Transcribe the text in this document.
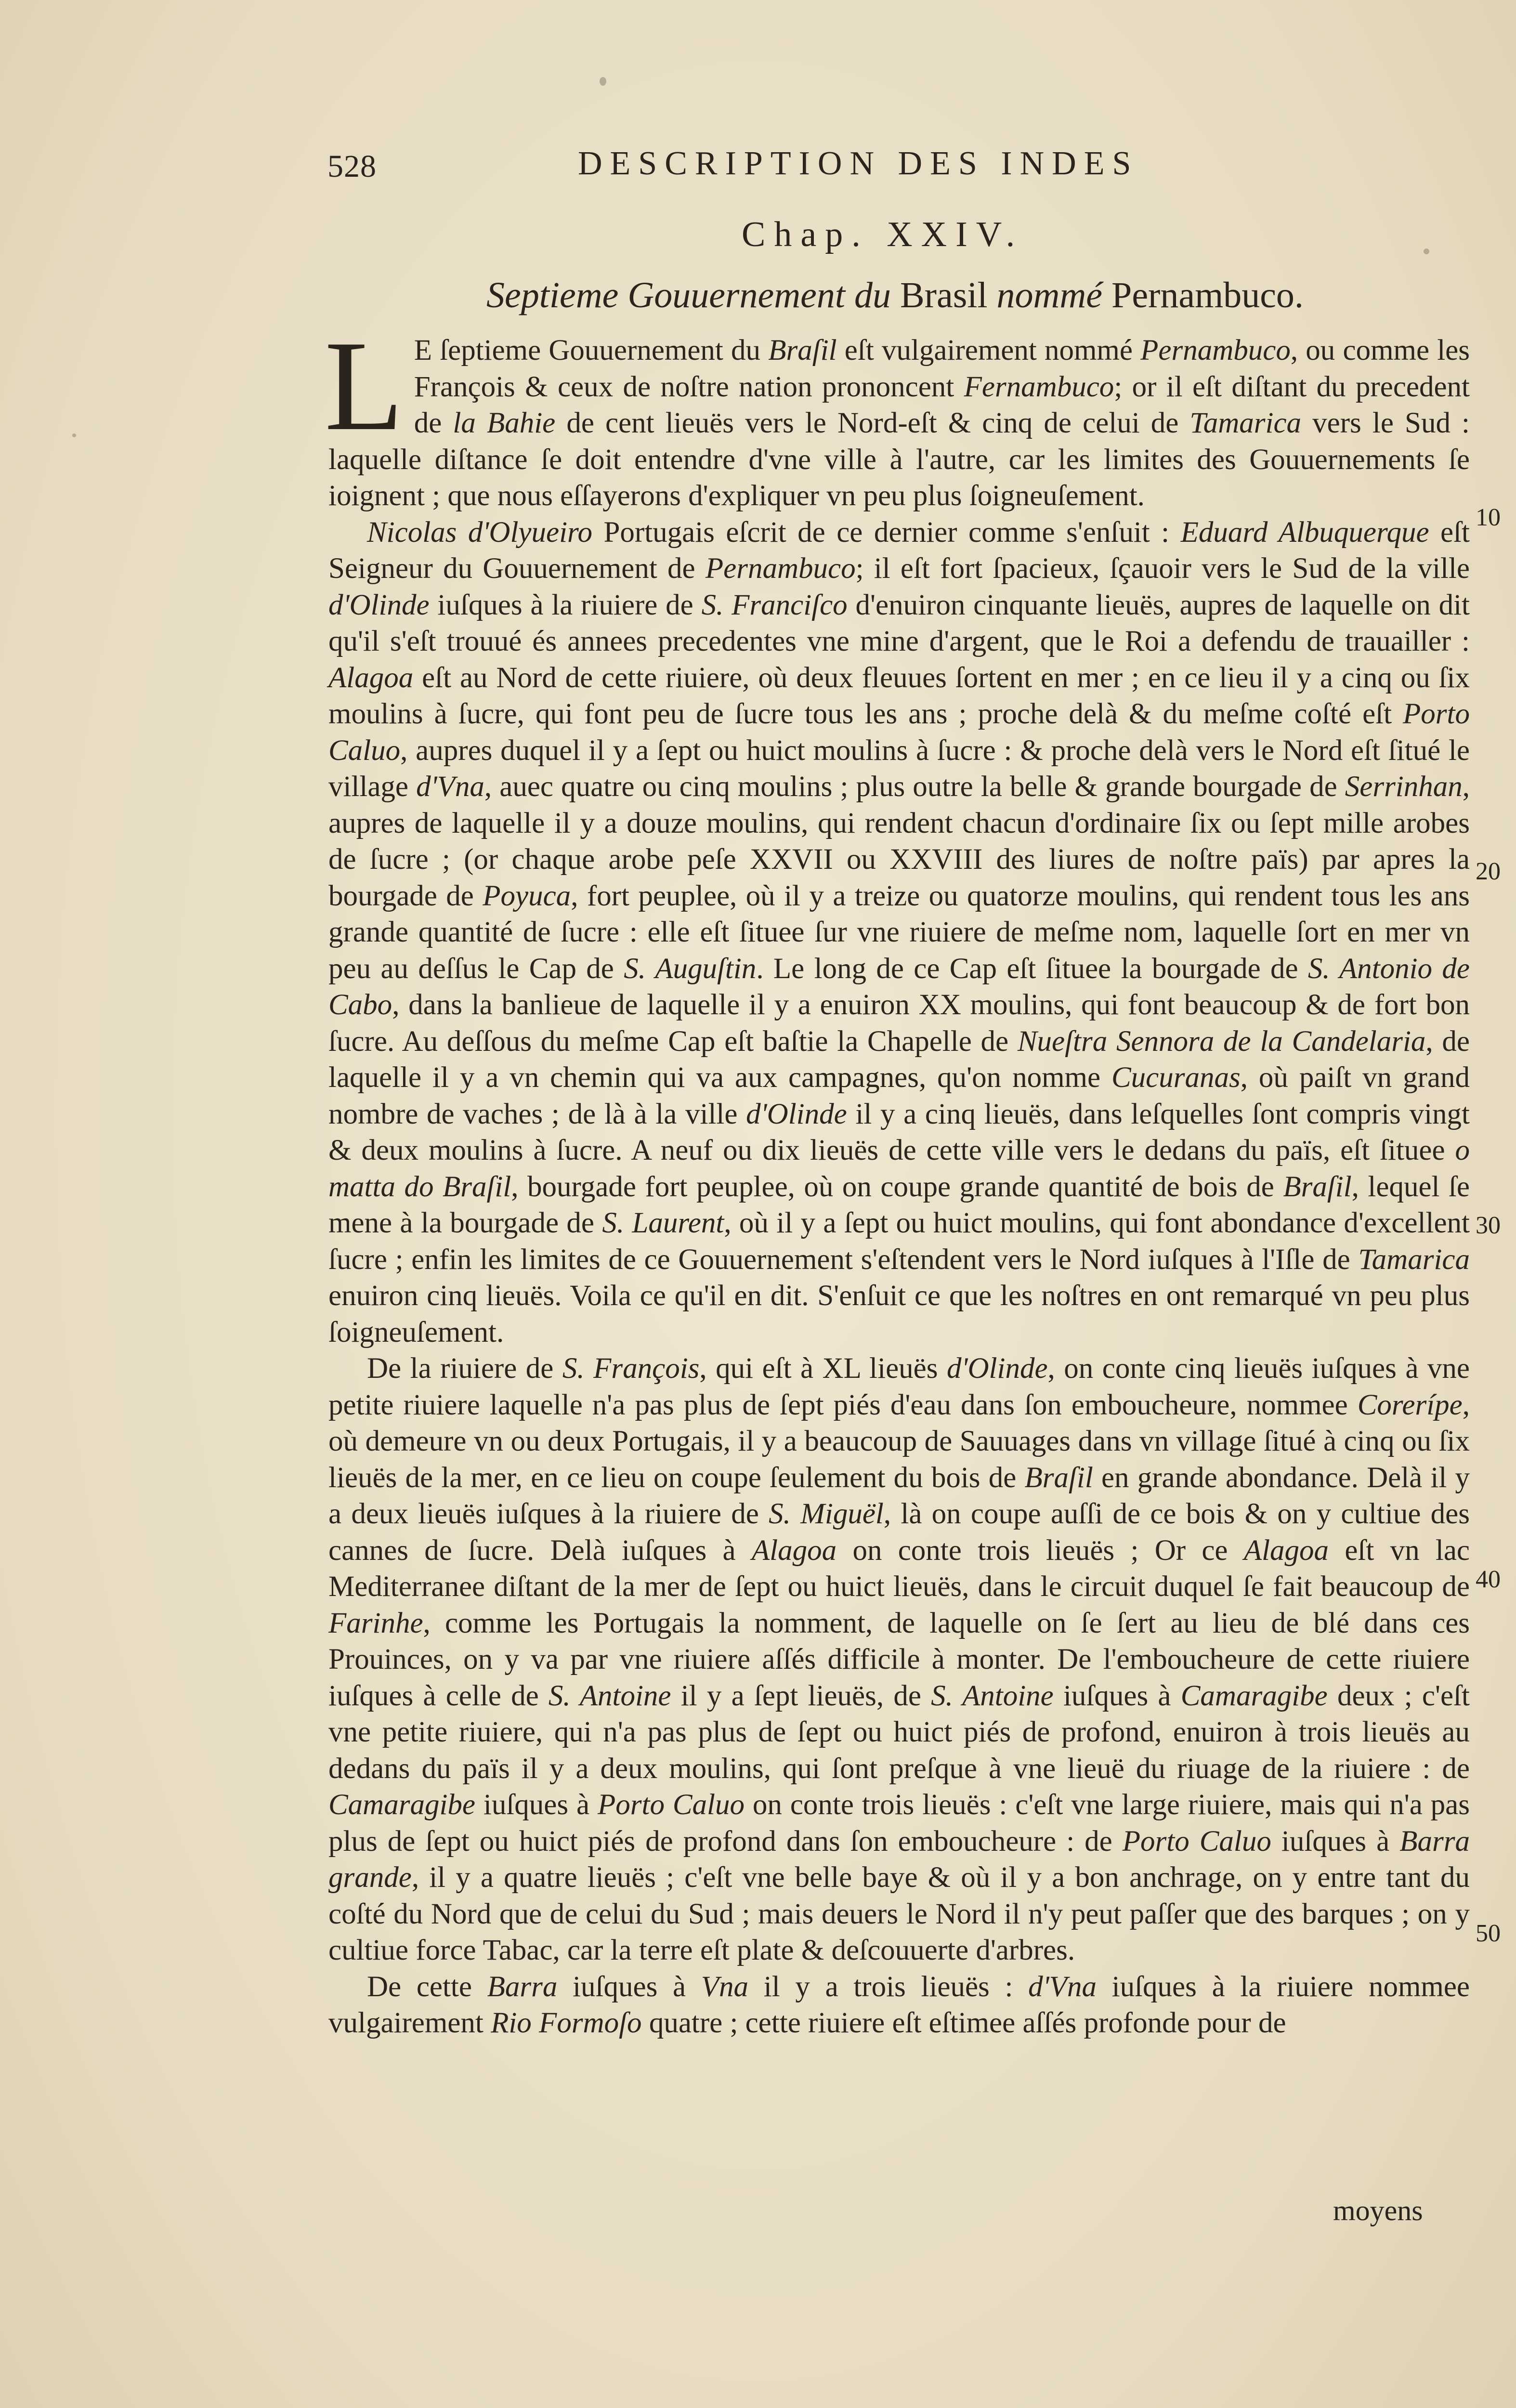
528	DESCRIPTION DES INDES
Chap. XXIV.
Septieme Gouuernement du Brasil nommé Pernambuco.

L E ſeptieme Gouuernement du Braſil eſt vulgairement nommé Pernambuco, ou comme les François & ceux de noſtre nation prononcent Fernambuco; or il eſt diſtant du precedent de la Bahie de cent lieuës vers le Nord-eſt & cinq de celui de Tamarica vers le Sud : laquelle diſtance ſe doit entendre d'vne ville à l'autre, car les limites des Gouuernements ſe ioignent ; que nous eſſayerons d'expliquer vn peu plus ſoigneuſement.

Nicolas d'Olyueiro Portugais eſcrit de ce dernier comme s'enſuit : Eduard Albuquerque eſt Seigneur du Gouuernement de Pernambuco; il eſt fort ſpacieux, ſçauoir vers le Sud de la ville d'Olinde iuſques à la riuiere de S. Franciſco d'enuiron cinquante lieuës, aupres de laquelle on dit qu'il s'eſt trouué és annees precedentes vne mine d'argent, que le Roi a defendu de trauailler : Alagoa eſt au Nord de cette riuiere, où deux fleuues ſortent en mer ; en ce lieu il y a cinq ou ſix moulins à ſucre, qui font peu de ſucre tous les ans ; proche delà & du meſme coſté eſt Porto Caluo, aupres duquel il y a ſept ou huict moulins à ſucre : & proche delà vers le Nord eſt ſitué le village d'Vna, auec quatre ou cinq moulins ; plus outre la belle & grande bourgade de Serrinhan, aupres de laquelle il y a douze moulins, qui rendent chacun d'ordinaire ſix ou ſept mille arobes de ſucre ; (or chaque arobe peſe XXVII ou XXVIII des liures de noſtre païs) par apres la bourgade de Poyuca, fort peuplee, où il y a treize ou quatorze moulins, qui rendent tous les ans grande quantité de ſucre : elle eſt ſituee ſur vne riuiere de meſme nom, laquelle ſort en mer vn peu au deſſus le Cap de S. Auguſtin. Le long de ce Cap eſt ſituee la bourgade de S. Antonio de Cabo, dans la banlieue de laquelle il y a enuiron XX moulins, qui font beaucoup & de fort bon ſucre. Au deſſous du meſme Cap eſt baſtie la Chapelle de Nueſtra Sennora de la Candelaria, de laquelle il y a vn chemin qui va aux campagnes, qu'on nomme Cucuranas, où paiſt vn grand nombre de vaches ; de là à la ville d'Olinde il y a cinq lieuës, dans leſquelles ſont compris vingt & deux moulins à ſucre. A neuf ou dix lieuës de cette ville vers le dedans du païs, eſt ſituee o matta do Braſil, bourgade fort peuplee, où on coupe grande quantité de bois de Braſil, lequel ſe mene à la bourgade de S. Laurent, où il y a ſept ou huict moulins, qui font abondance d'excellent ſucre ; enfin les limites de ce Gouuernement s'eſtendent vers le Nord iuſques à l'Iſle de Tamarica enuiron cinq lieuës. Voila ce qu'il en dit. S'enſuit ce que les noſtres en ont remarqué vn peu plus ſoigneuſement.

De la riuiere de S. François, qui eſt à XL lieuës d'Olinde, on conte cinq lieuës iuſques à vne petite riuiere laquelle n'a pas plus de ſept piés d'eau dans ſon emboucheure, nommee Corerípe, où demeure vn ou deux Portugais, il y a beaucoup de Sauuages dans vn village ſitué à cinq ou ſix lieuës de la mer, en ce lieu on coupe ſeulement du bois de Braſil en grande abondance. Delà il y a deux lieuës iuſques à la riuiere de S. Miguël, là on coupe auſſi de ce bois & on y cultiue des cannes de ſucre. Delà iuſques à Alagoa on conte trois lieuës ; Or ce Alagoa eſt vn lac Mediterranee diſtant de la mer de ſept ou huict lieuës, dans le circuit duquel ſe fait beaucoup de Farinhe, comme les Portugais la nomment, de laquelle on ſe ſert au lieu de blé dans ces Prouinces, on y va par vne riuiere aſſés difficile à monter. De l'emboucheure de cette riuiere iuſques à celle de S. Antoine il y a ſept lieuës, de S. Antoine iuſques à Camaragibe deux ; c'eſt vne petite riuiere, qui n'a pas plus de ſept ou huict piés de profond, enuiron à trois lieuës au dedans du païs il y a deux moulins, qui ſont preſque à vne lieuë du riuage de la riuiere : de Camaragibe iuſques à Porto Caluo on conte trois lieuës : c'eſt vne large riuiere, mais qui n'a pas plus de ſept ou huict piés de profond dans ſon emboucheure : de Porto Caluo iuſques à Barra grande, il y a quatre lieuës ; c'eſt vne belle baye & où il y a bon anchrage, on y entre tant du coſté du Nord que de celui du Sud ; mais deuers le Nord il n'y peut paſſer que des barques ; on y cultiue force Tabac, car la terre eſt plate & deſcouuerte d'arbres.

De cette Barra iuſques à Vna il y a trois lieuës : d'Vna iuſques à la riuiere nommee vulgairement Rio Formoſo quatre ; cette riuiere eſt eſtimee aſſés profonde pour de

10
20
30
40
50
moyens
